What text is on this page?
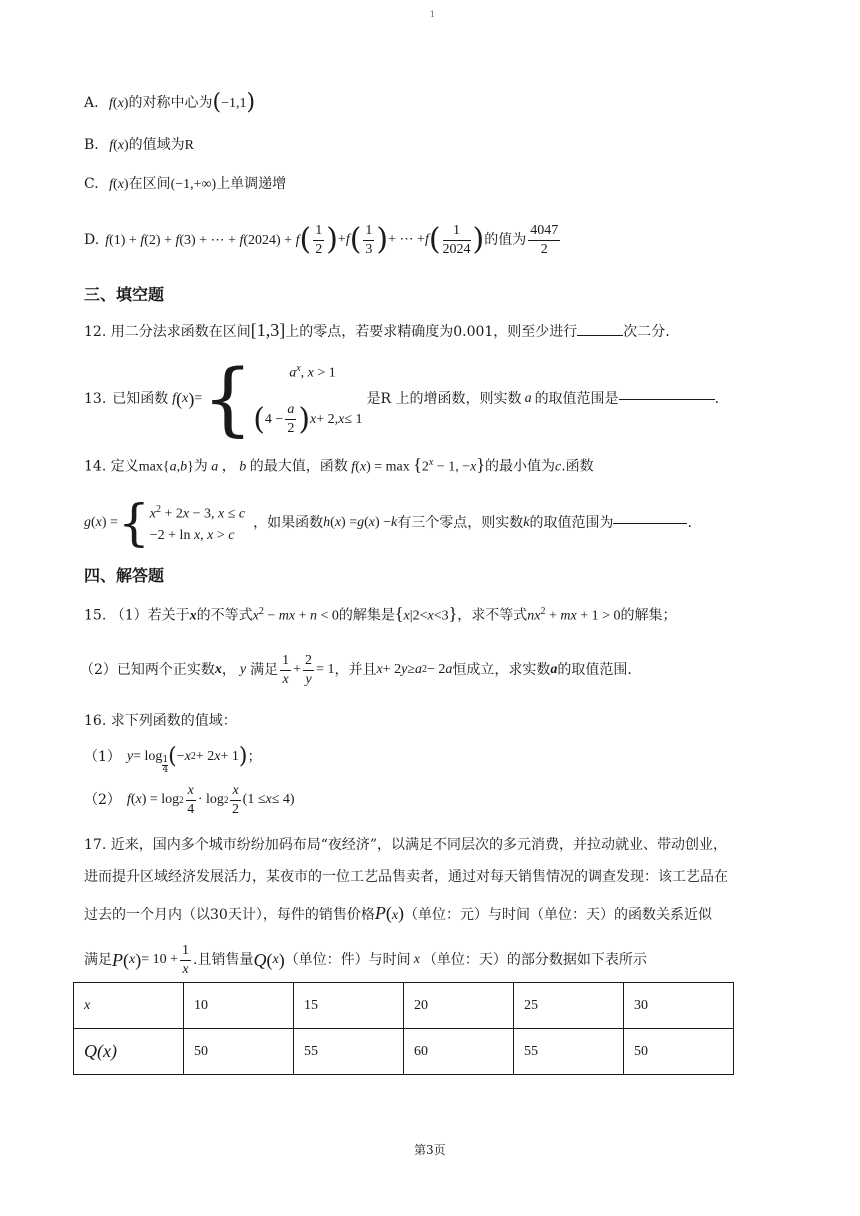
1
A. f(x)的对称中心为(−1,1)
B. f(x)的值域为R
C. f(x)在区间(−1,+∞)上单调递增
D. f(1) + f(2) + f(3) + ⋯ + f(2024) + f ( $\frac{1}{2}$ ) + f ( $\frac{1}{3}$ ) + ⋯ + f ( $\frac{1}{2024}$ ) 的值为 $\frac{4047}{2}$
三、填空题
12. 用二分法求函数在区间[1,3]上的零点，若要求精确度为0.001，则至少进行	次二分.
13. 已知函数 f ( x ) = {	$a^x$, x > 1
( $4 - \frac{a}{2}$ ) x + 2, x ≤ 1
是R 上的增函数，则实数 a 的取值范围是	.
14. 定义max{a,b}为 a ， b 的最大值，函数 $f(x) = \max \{2^x - 1$, −x}的最小值为c.函数
g ( x ) = { $x^2 + 2x - 3$, x ≤ c
−2 + ln x, x > c
，如果函数 h ( x ) = g ( x ) − k 有三个零点，则实数 k 的取值范围为	.
四、解答题
15. （1）若关于x的不等式$x^2$ − mx + n < 0的解集是{x|2<x<3}，求不等式$nx^2$ + mx + 1 > 0的解集；
（2）已知两个正实数 x ， y 满足 $\frac{1}{x} + \frac{2}{y} = 1$ ，并且 x + 2 y ≥ a 2 − 2 a 恒成立，求实数 a 的取值范围.
16. 求下列函数的值域：
（1） y = log 1
4
( − x 2 + 2 x + 1 ) ；
（2） f ( x ) = $\log 2 \frac{x}{4} \cdot \log 2 \frac{x}{2} (1 \le x \le 4)$
17. 近来，国内多个城市纷纷加码布局“夜经济”，以满足不同层次的多元消费，并拉动就业、带动创业，
进而提升区域经济发展活力，某夜市的一位工艺品售卖者，通过对每天销售情况的调查发现：该工艺品在
过去的一个月内（以30天计），每件的销售价格P(x)（单位：元）与时间（单位：天）的函数关系近似
满足 P ( x ) = $10 + \frac{1}{x}$ .且销售量 Q ( x ) （单位：件）与时间 x （单位：天）的部分数据如下表所示
x	10	15	20	25	30
Q(x)	50	55	60	55	50
第3页
